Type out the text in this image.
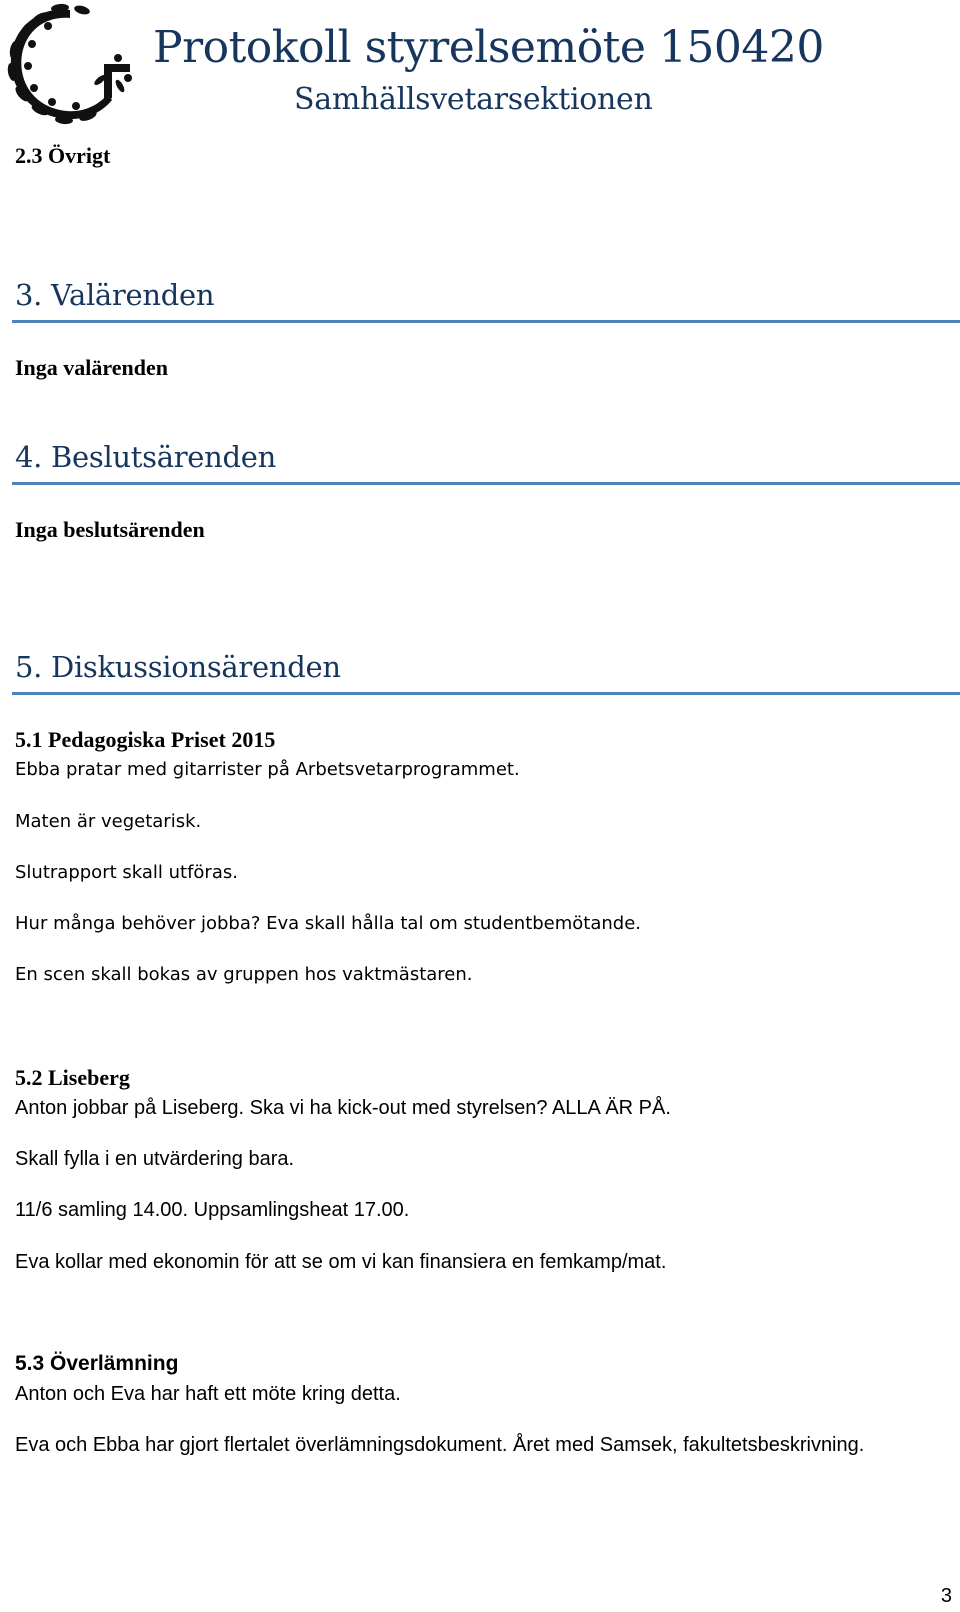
Protokoll styrelsemöte 150420
Samhällsvetarsektionen
2.3 Övrigt
3. Valärenden
Inga valärenden
4. Beslutsärenden
Inga beslutsärenden
5. Diskussionsärenden
5.1 Pedagogiska Priset 2015
Ebba pratar med gitarrister på Arbetsvetarprogrammet.
Maten är vegetarisk.
Slutrapport skall utföras.
Hur många behöver jobba? Eva skall hålla tal om studentbemötande.
En scen skall bokas av gruppen hos vaktmästaren.
5.2 Liseberg
Anton jobbar på Liseberg. Ska vi ha kick-out med styrelsen? ALLA ÄR PÅ.
Skall fylla i en utvärdering bara.
11/6 samling 14.00. Uppsamlingsheat 17.00.
Eva kollar med ekonomin för att se om vi kan finansiera en femkamp/mat.
5.3 Överlämning
Anton och Eva har haft ett möte kring detta.
Eva och Ebba har gjort flertalet överlämningsdokument. Året med Samsek, fakultetsbeskrivning.
3
